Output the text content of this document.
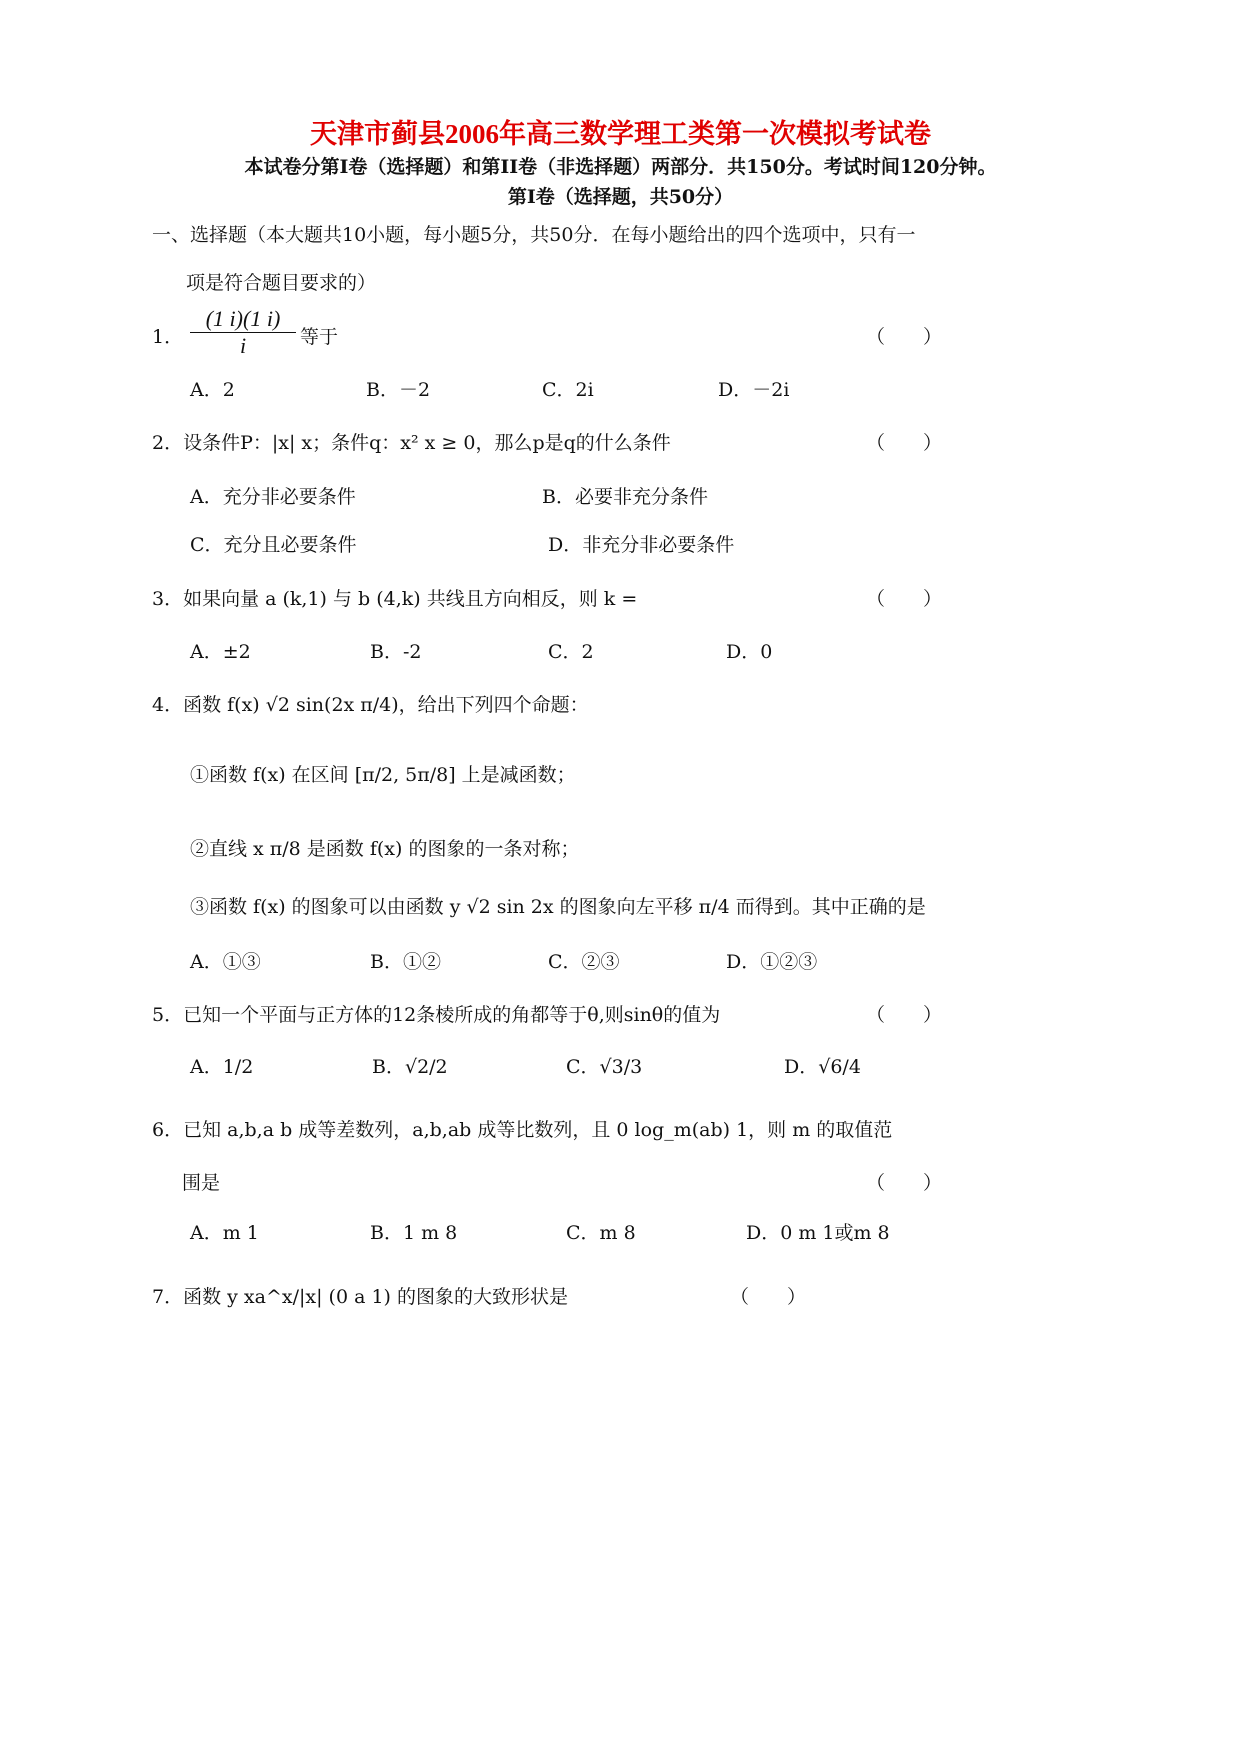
天津市蓟县2006年高三数学理工类第一次模拟考试卷
本试卷分第Ⅰ卷（选择题）和第II卷（非选择题）两部分．共150分。考试时间120分钟。
第Ⅰ卷（选择题，共50分）
一、选择题（本大题共10小题，每小题5分，共50分．在每小题给出的四个选项中，只有一
项是符合题目要求的）
1． $\frac{(1 i)(1 i)}{i}$ 等于	（　　）
A．2	B．－2	C．2i	D．－2i
2．设条件P：|x| x；条件q：x² x ≥ 0，那么p是q的什么条件	（　　）
A．充分非必要条件	B．必要非充分条件
C．充分且必要条件	D．非充分非必要条件
3．如果向量 a (k,1) 与 b (4,k) 共线且方向相反，则 k =	（　　）
A．±2	B．-2	C．2	D．0
4．函数 f(x) √2 sin(2x π/4)，给出下列四个命题：
①函数 f(x) 在区间 [π/2, 5π/8] 上是减函数；
②直线 x π/8 是函数 f(x) 的图象的一条对称；
③函数 f(x) 的图象可以由函数 y √2 sin 2x 的图象向左平移 π/4 而得到。其中正确的是
A．①③	B．①②	C．②③	D．①②③
5．已知一个平面与正方体的12条棱所成的角都等于θ,则sinθ的值为	（　　）
A．1/2	B．√2/2	C．√3/3	D．√6/4
6．已知 a,b,a b 成等差数列，a,b,ab 成等比数列，且 0 log_m(ab) 1，则 m 的取值范
围是	（　　）
A．m 1	B．1 m 8	C．m 8	D．0 m 1或m 8
7．函数 y xa^x/|x| (0 a 1) 的图象的大致形状是	（　　）
